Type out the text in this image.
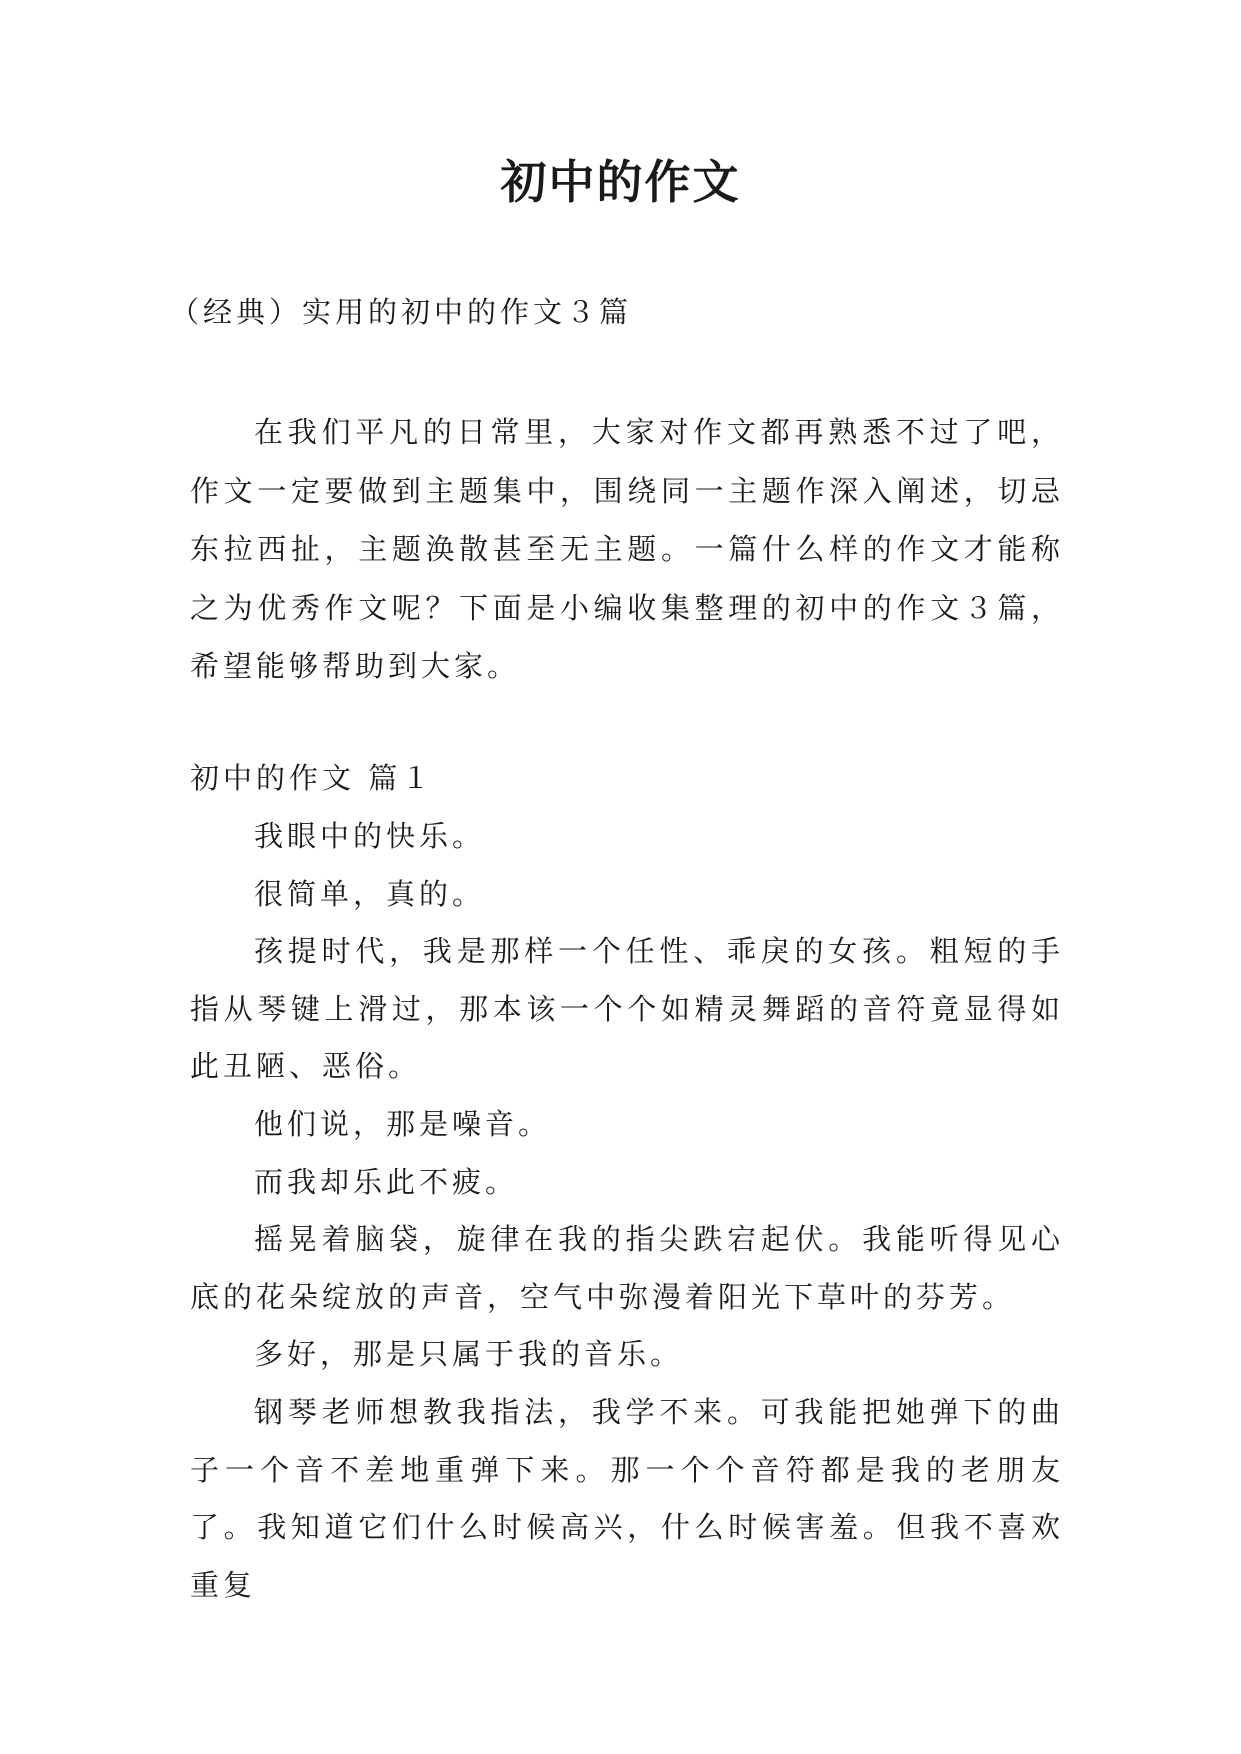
初中的作文
（经典）实用的初中的作文３篇

在我们平凡的日常里，大家对作文都再熟悉不过了吧，作文一定要做到主题集中，围绕同一主题作深入阐述，切忌东拉西扯，主题涣散甚至无主题。一篇什么样的作文才能称之为优秀作文呢？下面是小编收集整理的初中的作文３篇，希望能够帮助到大家。

初中的作文 篇１

我眼中的快乐。

很简单，真的。

孩提时代，我是那样一个任性、乖戾的女孩。粗短的手指从琴键上滑过，那本该一个个如精灵舞蹈的音符竟显得如此丑陋、恶俗。

他们说，那是噪音。

而我却乐此不疲。

摇晃着脑袋，旋律在我的指尖跌宕起伏。我能听得见心底的花朵绽放的声音，空气中弥漫着阳光下草叶的芬芳。

多好，那是只属于我的音乐。

钢琴老师想教我指法，我学不来。可我能把她弹下的曲子一个音不差地重弹下来。那一个个音符都是我的老朋友了。我知道它们什么时候高兴，什么时候害羞。但我不喜欢重复
